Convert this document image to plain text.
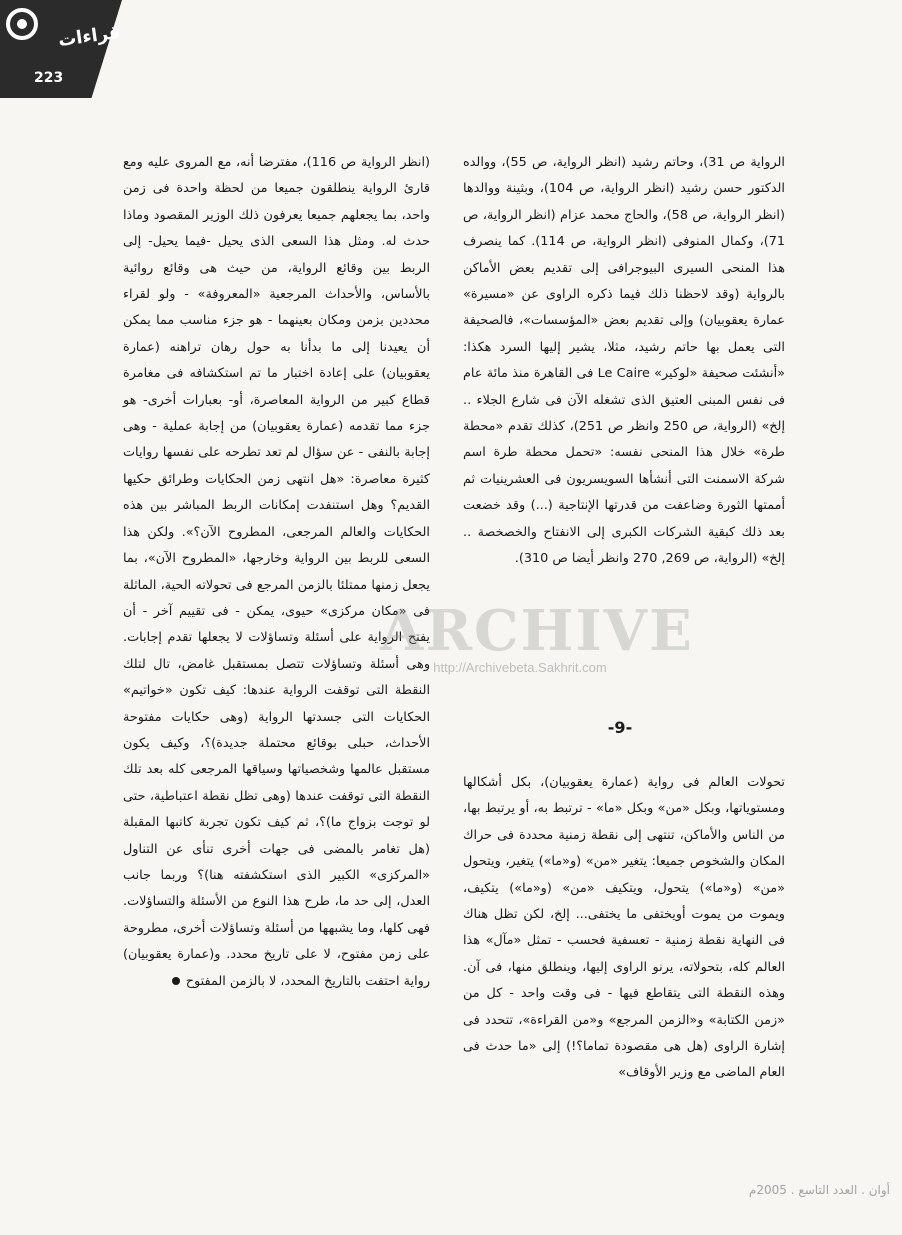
قراءات
223

الرواية ص 31)، وحاتم رشيد (انظر الرواية، ص 55)، ووالده الدكتور حسن رشيد (انظر الرواية، ص 104)، وبثينة ووالدها (انظر الرواية، ص 58)، والحاج محمد عزام (انظر الرواية، ص 71)، وكمال المنوفى (انظر الرواية، ص 114). كما ينصرف هذا المنحى السيرى البيوجرافى إلى تقديم بعض الأماكن بالرواية (وقد لاحظنا ذلك فيما ذكره الراوى عن «مسيرة» عمارة يعقوبيان) وإلى تقديم بعض «المؤسسات»، فالصحيفة التى يعمل بها حاتم رشيد، مثلا، يشير إليها السرد هكذا: «أنشئت صحيفة «لوكير» Le Caire فى القاهرة منذ مائة عام فى نفس المبنى العتيق الذى تشغله الآن فى شارع الجلاء .. إلخ» (الرواية، ص 250 وانظر ص 251)، كذلك تقدم «محطة طرة» خلال هذا المنحى نفسه: «تحمل محطة طرة اسم شركة الاسمنت التى أنشأها السويسريون فى العشرينيات ثم أممتها الثورة وضاعفت من قدرتها الإنتاجية (...) وقد خضعت بعد ذلك كبقية الشركات الكبرى إلى الانفتاح والخصخصة .. إلخ» (الرواية، ص 269, 270 وانظر أيضا ص 310).

-9-

تحولات العالم فى رواية (عمارة يعقوبيان)، بكل أشكالها ومستوياتها، وبكل «من» وبكل «ما» - ترتبط به، أو يرتبط بها، من الناس والأماكن، تنتهى إلى نقطة زمنية محددة فى حراك المكان والشخوص جميعا: يتغير «من» (و«ما») يتغير، ويتحول «من» (و«ما») يتحول، ويتكيف «من» (و«ما») يتكيف، ويموت من يموت أويختفى ما يختفى... إلخ، لكن تظل هناك فى النهاية نقطة زمنية - تعسفية فحسب - تمثل «مآل» هذا العالم كله، بتحولاته، يرنو الراوى إليها، وينطلق منها، فى آن. وهذه النقطة التى يتقاطع فيها - فى وقت واحد - كل من «زمن الكتابة» و«الزمن المرجع» و«من القراءة»، تتحدد فى إشارة الراوى (هل هى مقصودة تماما؟!) إلى «ما حدث فى العام الماضى مع وزير الأوقاف»

(انظر الرواية ص 116)، مفترضا أنه، مع المروى عليه ومع قارئ الرواية ينطلقون جميعا من لحظة واحدة فى زمن واحد، بما يجعلهم جميعا يعرفون ذلك الوزير المقصود وماذا حدث له. ومثل هذا السعى الذى يحيل -فيما يحيل- إلى الربط بين وقائع الرواية، من حيث هى وقائع روائية بالأساس، والأحداث المرجعية «المعروفة» - ولو لقراء محددين بزمن ومكان بعينهما - هو جزء مناسب مما يمكن أن يعيدنا إلى ما بدأنا به حول رهان تراهنه (عمارة يعقوبيان) على إعادة اختبار ما تم استكشافه فى مغامرة قطاع كبير من الرواية المعاصرة، أو- بعبارات أخرى- هو جزء مما تقدمه (عمارة يعقوبيان) من إجابة عملية - وهى إجابة بالنفى - عن سؤال لم تعد تطرحه على نفسها روايات كثيرة معاصرة: «هل انتهى زمن الحكايات وطرائق حكيها القديم؟ وهل استنفدت إمكانات الربط المباشر بين هذه الحكايات والعالم المرجعى، المطروح الآن؟». ولكن هذا السعى للربط بين الرواية وخارجها، «المطروح الآن»، بما يجعل زمنها ممتلئا بالزمن المرجع فى تحولاته الحية، الماثلة فى «مكان مركزى» حيوى، يمكن - فى تقييم آخر - أن يفتح الرواية على أسئلة وتساؤلات لا يجعلها تقدم إجابات. وهى أسئلة وتساؤلات تتصل بمستقبل غامض، تال لتلك النقطة التى توقفت الرواية عندها: كيف تكون «خواتيم» الحكايات التى جسدتها الرواية (وهى حكايات مفتوحة الأحداث، حبلى بوقائع محتملة جديدة)؟، وكيف يكون مستقبل عالمها وشخصياتها وسياقها المرجعى كله بعد تلك النقطة التى توقفت عندها (وهى تظل نقطة اعتباطية، حتى لو توجت بزواج ما)؟، ثم كيف تكون تجربة كاتبها المقبلة (هل تغامر بالمضى فى جهات أخرى تنأى عن التناول «المركزى» الكبير الذى استكشفته هنا)؟ وربما جانب العدل، إلى حد ما، طرح هذا النوع من الأسئلة والتساؤلات. فهى كلها، وما يشبهها من أسئلة وتساؤلات أخرى، مطروحة على زمن مفتوح، لا على تاريخ محدد. و(عمارة يعقوبيان) رواية احتفت بالتاريخ المحدد، لا بالزمن المفتوح

ARCHIVE
http://Archivebeta.Sakhrit.com
أوان . العدد التاسع . 2005م
